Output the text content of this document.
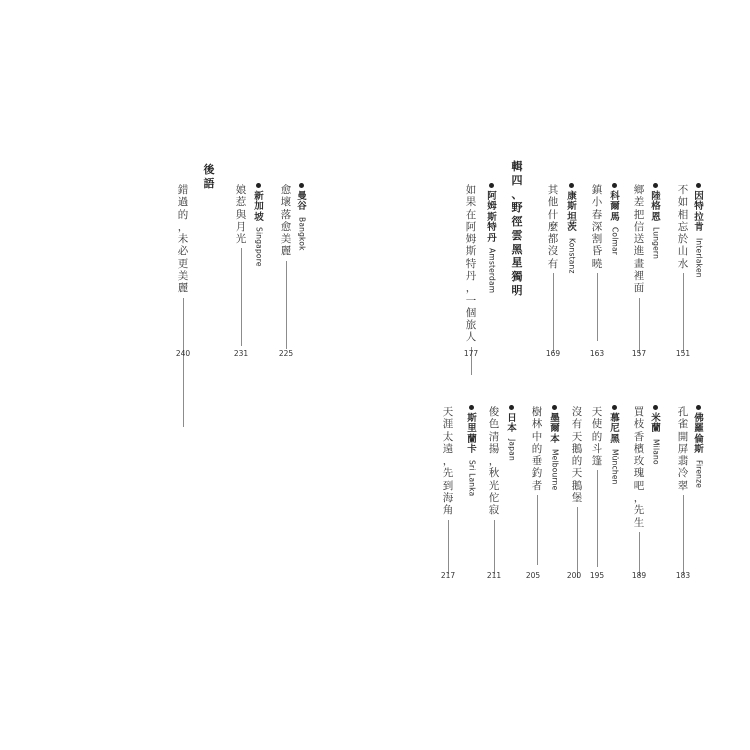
後
語
錯
過
的
，
未
必
更
美
麗
240
曼
谷
Bangkok
愈
壞
落
愈
美
麗
225
新
加
坡
Singapore
娘
惹
與
月
光
231
因
特
拉
肯
Interlaken
不
如
相
忘
於
山
水
151
陸
格
恩
Lungern
鄉
差
把
信
送
進
畫
裡
面
157
科
爾
馬
Colmar
鎮
小
春
深
割
昏
曉
163
康
斯
坦
茨
Konstanz
其
他
什
麼
都
沒
有
169
輯
四
、
野
徑
雲
黑
星
獨
明
阿
姆
斯
特
丹
Amsterdam
如
果
在
阿
姆
斯
特
丹
，
一
個
旅
人
177
佛
羅
倫
斯
Firenze
孔
雀
開
屏
翡
冷
翠
183
米
蘭
Milano
買
枝
香
檳
玫
瑰
吧
，
先
生
189
慕
尼
黑
München
天
使
的
斗
篷
195
沒
有
天
鵝
的
天
鵝
堡
200
墨
爾
本
Melbourne
樹
林
中
的
垂
釣
者
205
日
本
Japan
俊
色
清
揚
，
秋
光
佗
寂
211
斯
里
蘭
卡
Sri Lanka
天
涯
太
遠
，
先
到
海
角
217
